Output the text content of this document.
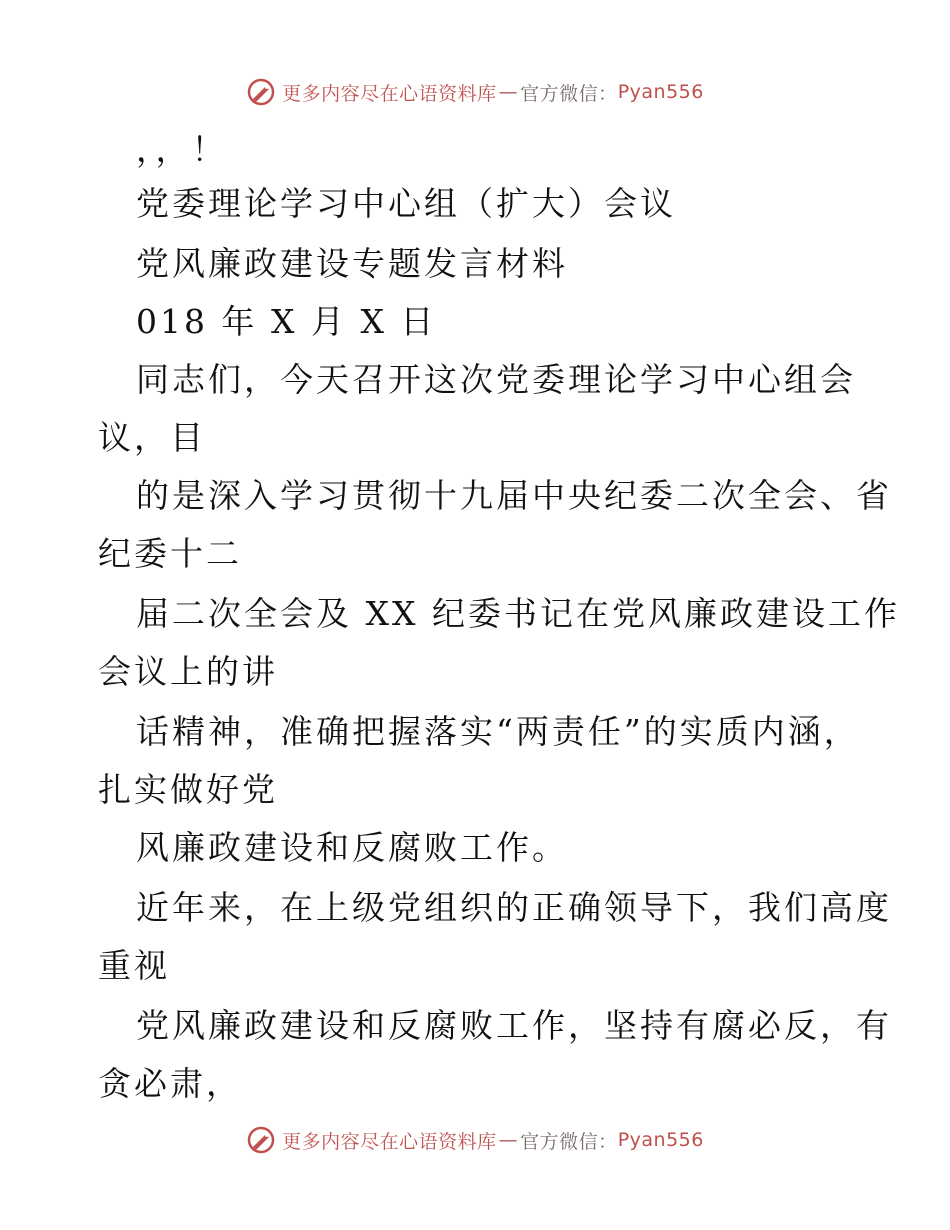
更多内容尽在心语资料库 — 官方微信： Pyan556
，，！
党委理论学习中心组（扩大）会议
党风廉政建设专题发言材料
018 年 X 月 X 日
同志们，今天召开这次党委理论学习中心组会
议，目
的是深入学习贯彻十九届中央纪委二次全会、省
纪委十二
届二次全会及 XX 纪委书记在党风廉政建设工作
会议上的讲
话精神，准确把握落实“两责任”的实质内涵，
扎实做好党
风廉政建设和反腐败工作。
近年来，在上级党组织的正确领导下，我们高度
重视
党风廉政建设和反腐败工作，坚持有腐必反，有
贪必肃，
更多内容尽在心语资料库 — 官方微信： Pyan556
